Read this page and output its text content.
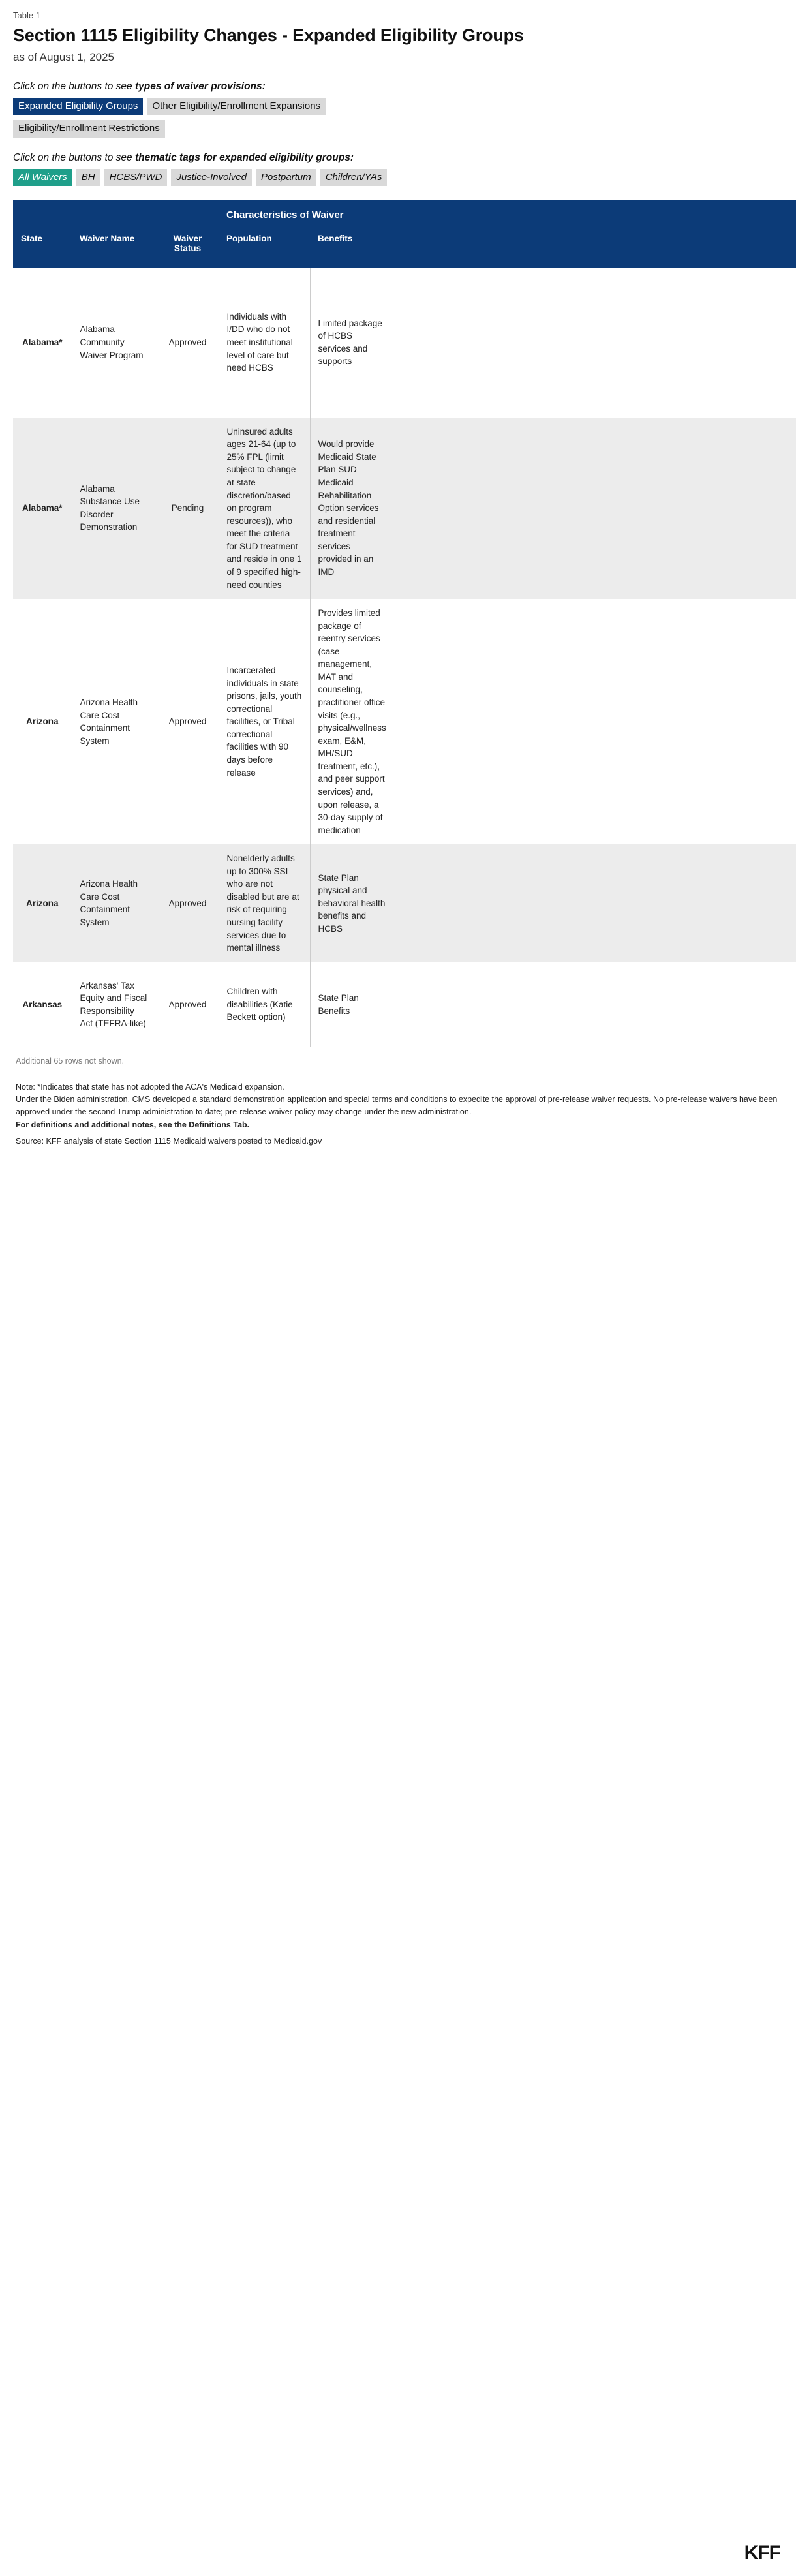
Table 1
Section 1115 Eligibility Changes - Expanded Eligibility Groups
as of August 1, 2025
Click on the buttons to see types of waiver provisions:
Expanded Eligibility Groups	Other Eligibility/Enrollment Expansions
Eligibility/Enrollment Restrictions
Click on the buttons to see thematic tags for expanded eligibility groups:
All Waivers	BH	HCBS/PWD	Justice-Involved	Postpartum	Children/YAs
			Characteristics of Waiver		
State	Waiver Name	Waiver Status	Population	Benefits	
Alabama*	Alabama Community Waiver Program	Approved	Individuals with I/DD who do not meet institutional level of care but need HCBS	Limited package of HCBS services and supports	
Alabama*	Alabama Substance Use Disorder Demonstration	Pending	Uninsured adults ages 21-64 (up to 25% FPL (limit subject to change at state discretion/based on program resources)), who meet the criteria for SUD treatment and reside in one 1 of 9 specified high-need counties	Would provide Medicaid State Plan SUD Medicaid Rehabilitation Option services and residential treatment services provided in an IMD	
Arizona	Arizona Health Care Cost Containment System	Approved	Incarcerated individuals in state prisons, jails, youth correctional facilities, or Tribal correctional facilities with 90 days before release	Provides limited package of reentry services (case management, MAT and counseling, practitioner office visits (e.g., physical/wellness exam, E&M, MH/SUD treatment, etc.), and peer support services) and, upon release, a 30-day supply of medication	
Arizona	Arizona Health Care Cost Containment System	Approved	Nonelderly adults up to 300% SSI who are not disabled but are at risk of requiring nursing facility services due to mental illness	State Plan physical and behavioral health benefits and HCBS	
Arkansas	Arkansas' Tax Equity and Fiscal Responsibility Act (TEFRA-like)	Approved	Children with disabilities (Katie Beckett option)	State Plan Benefits	
Additional 65 rows not shown.
Note: *Indicates that state has not adopted the ACA's Medicaid expansion.
Under the Biden administration, CMS developed a standard demonstration application and special terms and conditions to expedite the approval of pre-release waiver requests. No pre-release waivers have been approved under the second Trump administration to date; pre-release waiver policy may change under the new administration.
For definitions and additional notes, see the Definitions Tab.
Source: KFF analysis of state Section 1115 Medicaid waivers posted to Medicaid.gov
KFF
